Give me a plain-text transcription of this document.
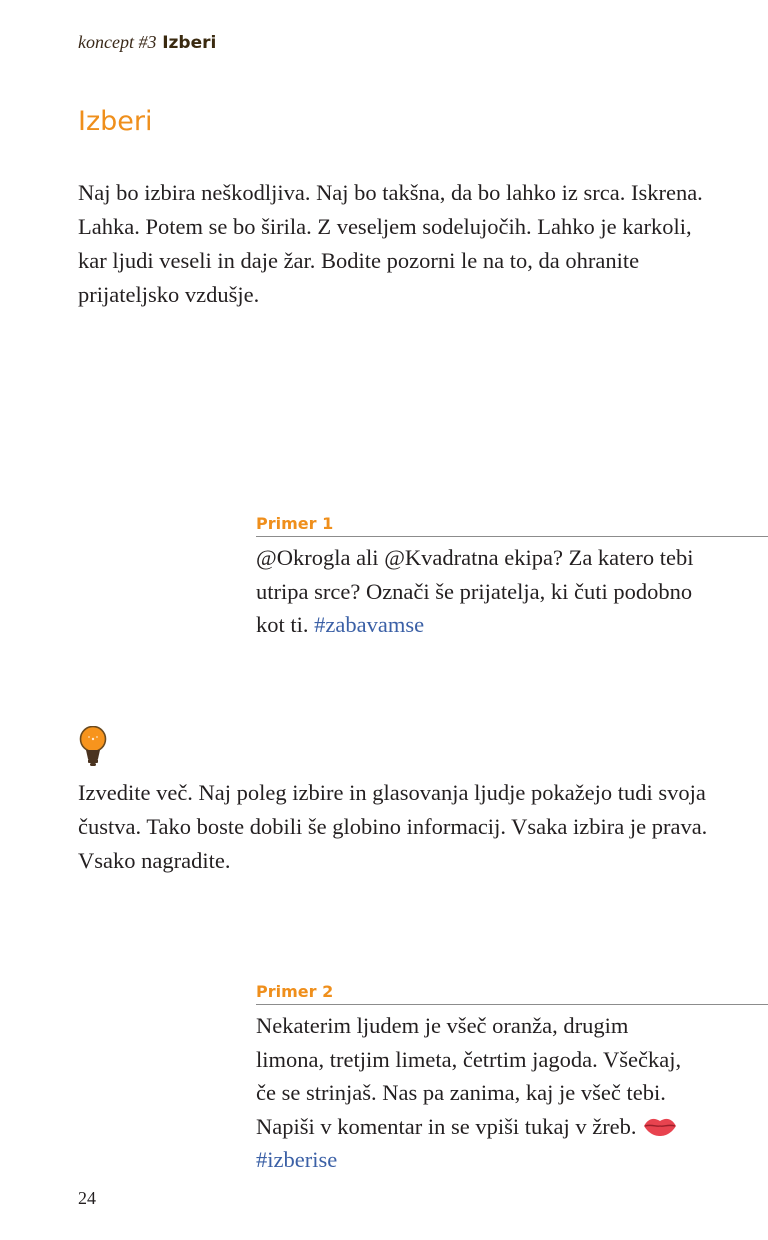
koncept #3 Izberi
Izberi

Naj bo izbira neškodljiva. Naj bo takšna, da bo lahko iz srca. Iskrena. Lahka. Potem se bo širila. Z veseljem sodelujočih. Lahko je karkoli, kar ljudi veseli in daje žar. Bodite pozorni le na to, da ohranite prijateljsko vzdušje.

Primer 1

@Okrogla ali @Kvadratna ekipa? Za katero tebi utripa srce? Označi še prijatelja, ki čuti podobno kot ti. #zabavamse

Izvedite več. Naj poleg izbire in glasovanja ljudje pokažejo tudi svoja čustva. Tako boste dobili še globino informacij. Vsaka izbira je prava. Vsako nagradite.

Primer 2

Nekaterim ljudem je všeč oranža, drugim limona, tretjim limeta, četrtim jagoda. Všečkaj, če se strinjaš. Nas pa zanima, kaj je všeč tebi. Napiši v komentar in se vpiši tukaj v žreb.#izberise

24
